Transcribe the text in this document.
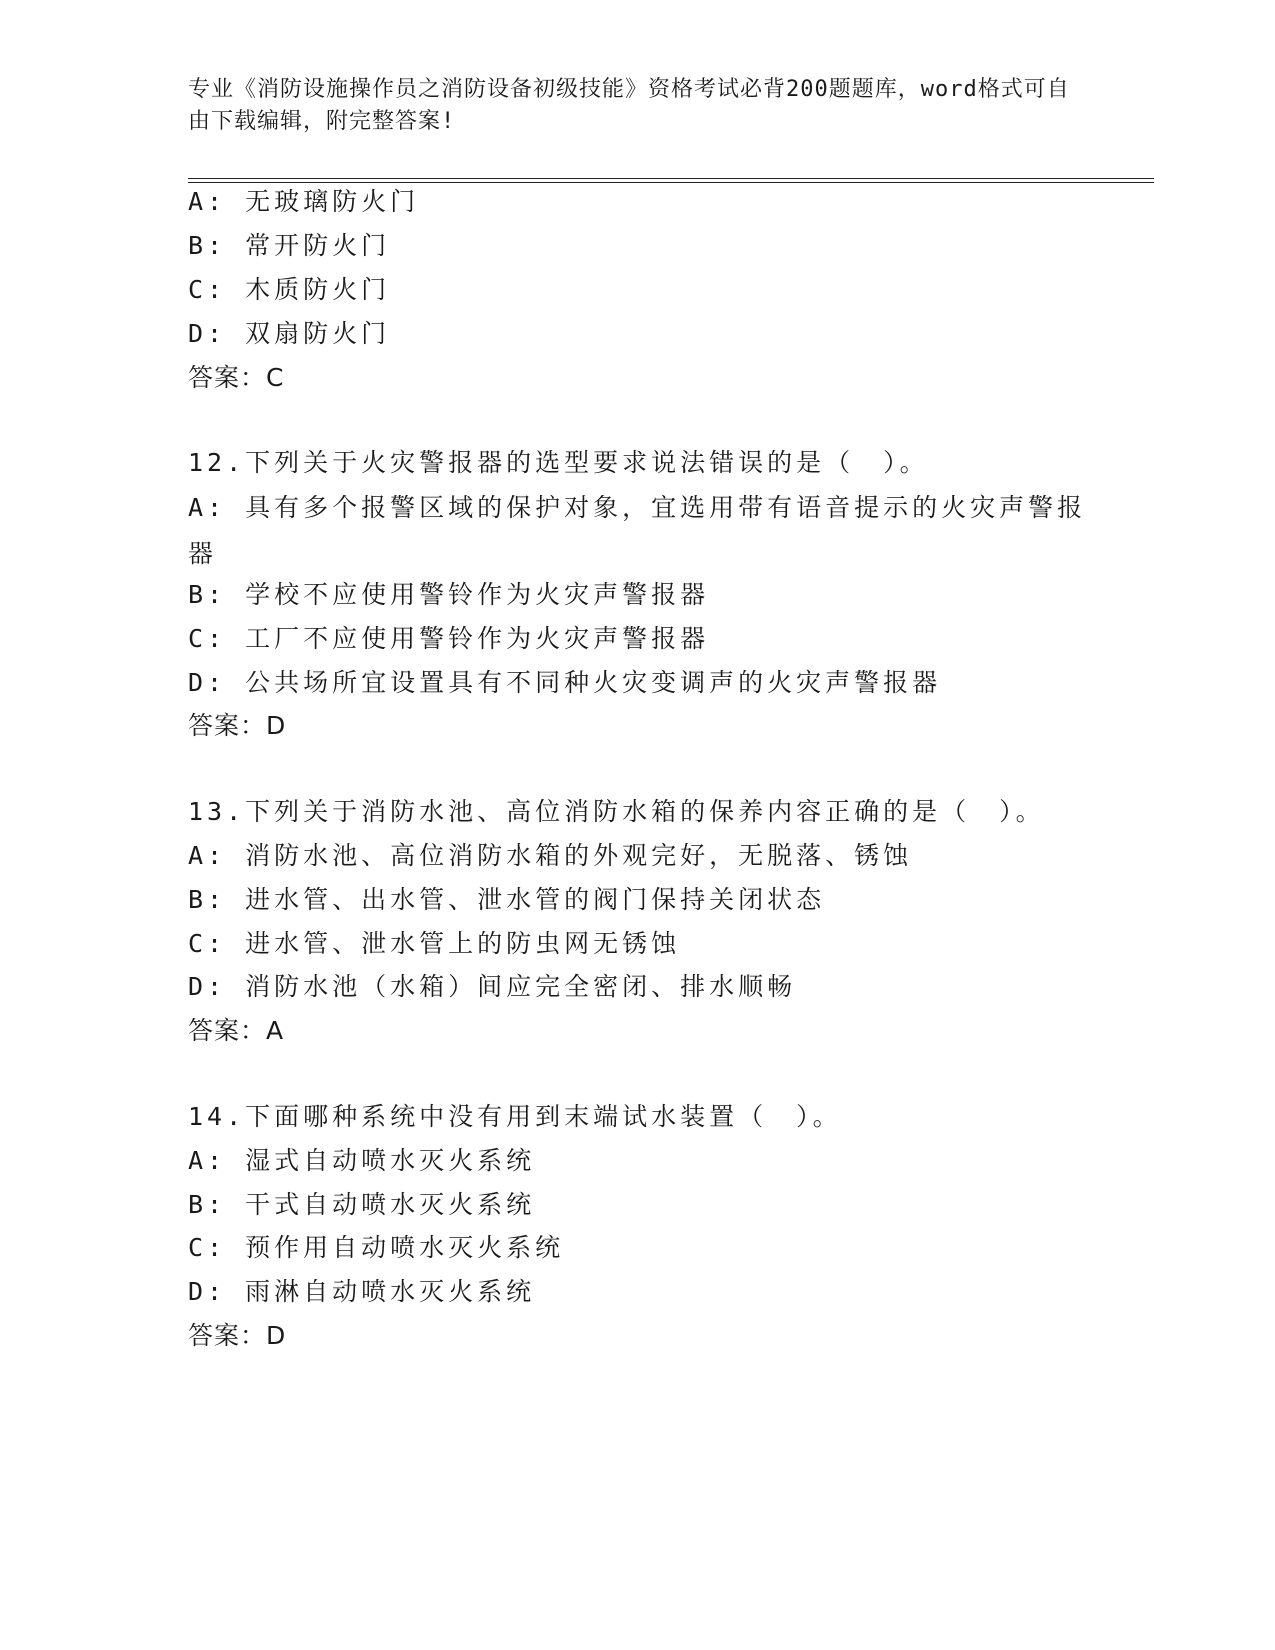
专业《消防设施操作员之消防设备初级技能》资格考试必背200题题库，word格式可自由下载编辑，附完整答案!
A: 无玻璃防火门
B: 常开防火门
C: 木质防火门
D: 双扇防火门
答案：C
12.下列关于火灾警报器的选型要求说法错误的是（　）。
A: 具有多个报警区域的保护对象，宜选用带有语音提示的火灾声警报器
B: 学校不应使用警铃作为火灾声警报器
C: 工厂不应使用警铃作为火灾声警报器
D: 公共场所宜设置具有不同种火灾变调声的火灾声警报器
答案：D
13.下列关于消防水池、高位消防水箱的保养内容正确的是（　）。
A: 消防水池、高位消防水箱的外观完好，无脱落、锈蚀
B: 进水管、出水管、泄水管的阀门保持关闭状态
C: 进水管、泄水管上的防虫网无锈蚀
D: 消防水池（水箱）间应完全密闭、排水顺畅
答案：A
14.下面哪种系统中没有用到末端试水装置（　）。
A: 湿式自动喷水灭火系统
B: 干式自动喷水灭火系统
C: 预作用自动喷水灭火系统
D: 雨淋自动喷水灭火系统
答案：D
